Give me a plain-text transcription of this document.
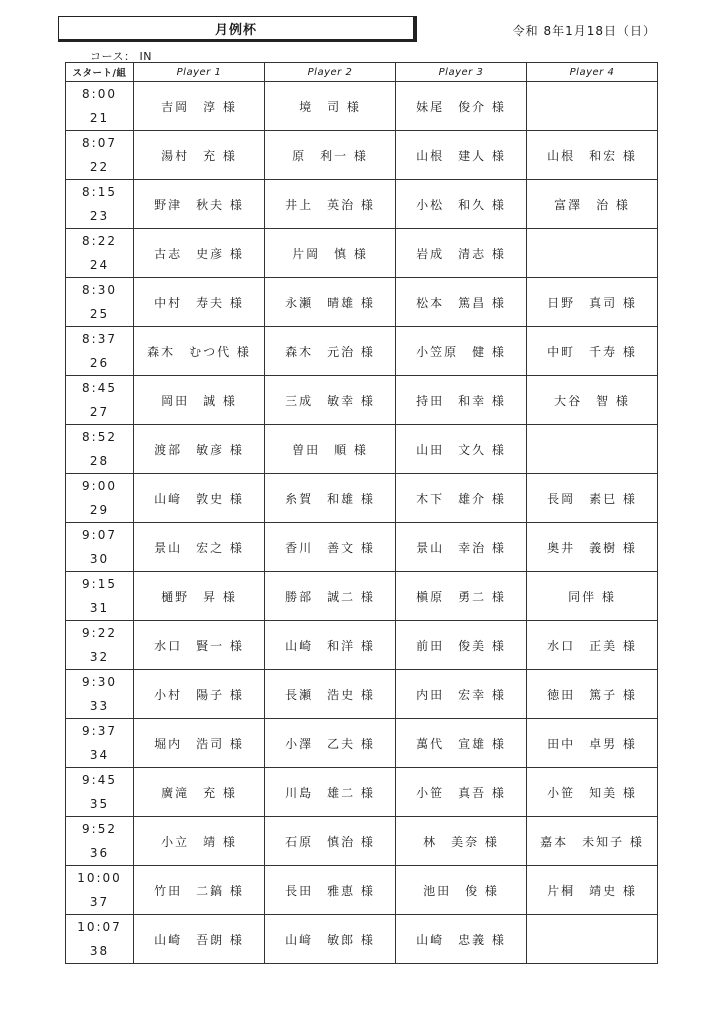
月例杯	令和 8年1月18日（日）
コース： IN
スタート/組	Player 1	Player 2	Player 3	Player 4

8:00
21	吉岡　淳 様	境　司 様	妹尾　俊介 様	

8:07
22	湯村　充 様	原　利一 様	山根　建人 様	山根　和宏 様

8:15
23	野津　秋夫 様	井上　英治 様	小松　和久 様	富澤　治 様

8:22
24	古志　史彦 様	片岡　慎 様	岩成　清志 様	

8:30
25	中村　寿夫 様	永瀬　晴雄 様	松本　篤昌 様	日野　真司 様

8:37
26	森木　むつ代 様	森木　元治 様	小笠原　健 様	中町　千寿 様

8:45
27	岡田　誠 様	三成　敏幸 様	持田　和幸 様	大谷　智 様

8:52
28	渡部　敏彦 様	曽田　順 様	山田　文久 様	

9:00
29	山﨑　敦史 様	糸賀　和雄 様	木下　雄介 様	長岡　素巳 様

9:07
30	景山　宏之 様	香川　善文 様	景山　幸治 様	奥井　義樹 様

9:15
31	樋野　昇 様	勝部　誠二 様	槇原　勇二 様	同伴 様

9:22
32	水口　賢一 様	山崎　和洋 様	前田　俊美 様	水口　正美 様

9:30
33	小村　陽子 様	長瀬　浩史 様	内田　宏幸 様	徳田　篤子 様

9:37
34	堀内　浩司 様	小澤　乙夫 様	萬代　宣雄 様	田中　卓男 様

9:45
35	廣滝　充 様	川島　雄二 様	小笹　真吾 様	小笹　知美 様

9:52
36	小立　靖 様	石原　慎治 様	林　美奈 様	嘉本　未知子 様

10:00
37	竹田　二鎬 様	長田　雅恵 様	池田　俊 様	片桐　靖史 様

10:07
38	山崎　吾朗 様	山﨑　敏郎 様	山崎　忠義 様	
